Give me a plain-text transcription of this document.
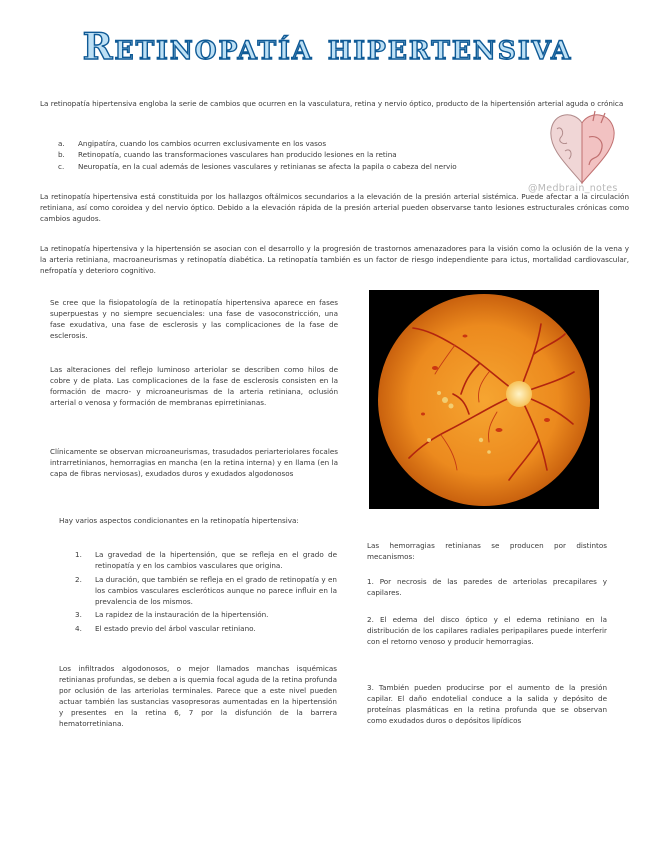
Retinopatía hipertensiva

La retinopatía hipertensiva engloba la serie de cambios que ocurren en la vasculatura, retina y nervio óptico, producto de la hipertensión arterial aguda o crónica

a. Angipatíra, cuando los cambios ocurren exclusivamente en los vasos
b. Retinopatía, cuando las transformaciones vasculares han producido lesiones en la retina
c. Neuropatía, en la cual además de lesiones vasculares y retinianas se afecta la papila o cabeza del nervio
@Medbrain_notes

La retinopatía hipertensiva está constituida por los hallazgos oftálmicos secundarios a la elevación de la presión arterial sistémica. Puede afectar a la circulación retiniana, así como coroidea y del nervio óptico. Debido a la elevación rápida de la presión arterial pueden observarse tanto lesiones estructurales crónicas como cambios agudos.

La retinopatía hipertensiva y la hipertensión se asocian con el desarrollo y la progresión de trastornos amenazadores para la visión como la oclusión de la vena y la arteria retiniana, macroaneurismas y retinopatía diabética. La retinopatía también es un factor de riesgo independiente para ictus, mortalidad cardiovascular, nefropatía y deterioro cognitivo.

Se cree que la fisiopatología de la retinopatía hipertensiva aparece en fases superpuestas y no siempre secuenciales: una fase de vasoconstricción, una fase exudativa, una fase de esclerosis y las complicaciones de la fase de esclerosis.

Las alteraciones del reflejo luminoso arteriolar se describen como hilos de cobre y de plata. Las complicaciones de la fase de esclerosis consisten en la formación de macro- y microaneurismas de la arteria retiniana, oclusión arterial o venosa y formación de membranas epirretinianas.

Clínicamente se observan microaneurismas, trasudados periarteriolares focales intrarretinianos, hemorragias en mancha (en la retina interna) y en llama (en la capa de fibras nerviosas), exudados duros y exudados algodonosos

Hay varios aspectos condicionantes en la retinopatía hipertensiva:

1. La gravedad de la hipertensión, que se refleja en el grado de retinopatía y en los cambios vasculares que origina.
2. La duración, que también se refleja en el grado de retinopatía y en los cambios vasculares escleróticos aunque no parece influir en la prevalencia de los mismos.
3. La rapidez de la instauración de la hipertensión.
4. El estado previo del árbol vascular retiniano.

Los infiltrados algodonosos, o mejor llamados manchas isquémicas retinianas profundas, se deben a is quemia focal aguda de la retina profunda por oclusión de las arteriolas terminales. Parece que a este nivel pueden actuar también las sustancias vasopresoras aumentadas en la hipertensión y presentes en la retina 6, 7 por la disfunción de la barrera hematorretiniana.

Las hemorragias retinianas se producen por distintos mecanismos:

1. Por necrosis de las paredes de arteriolas precapilares y capilares.

2. El edema del disco óptico y el edema retiniano en la distribución de los capilares radiales peripapilares puede interferir con el retorno venoso y producir hemorragias.

3. También pueden producirse por el aumento de la presión capilar. El daño endotelial conduce a la salida y depósito de proteínas plasmáticas en la retina profunda que se observan como exudados duros o depósitos lipídicos
